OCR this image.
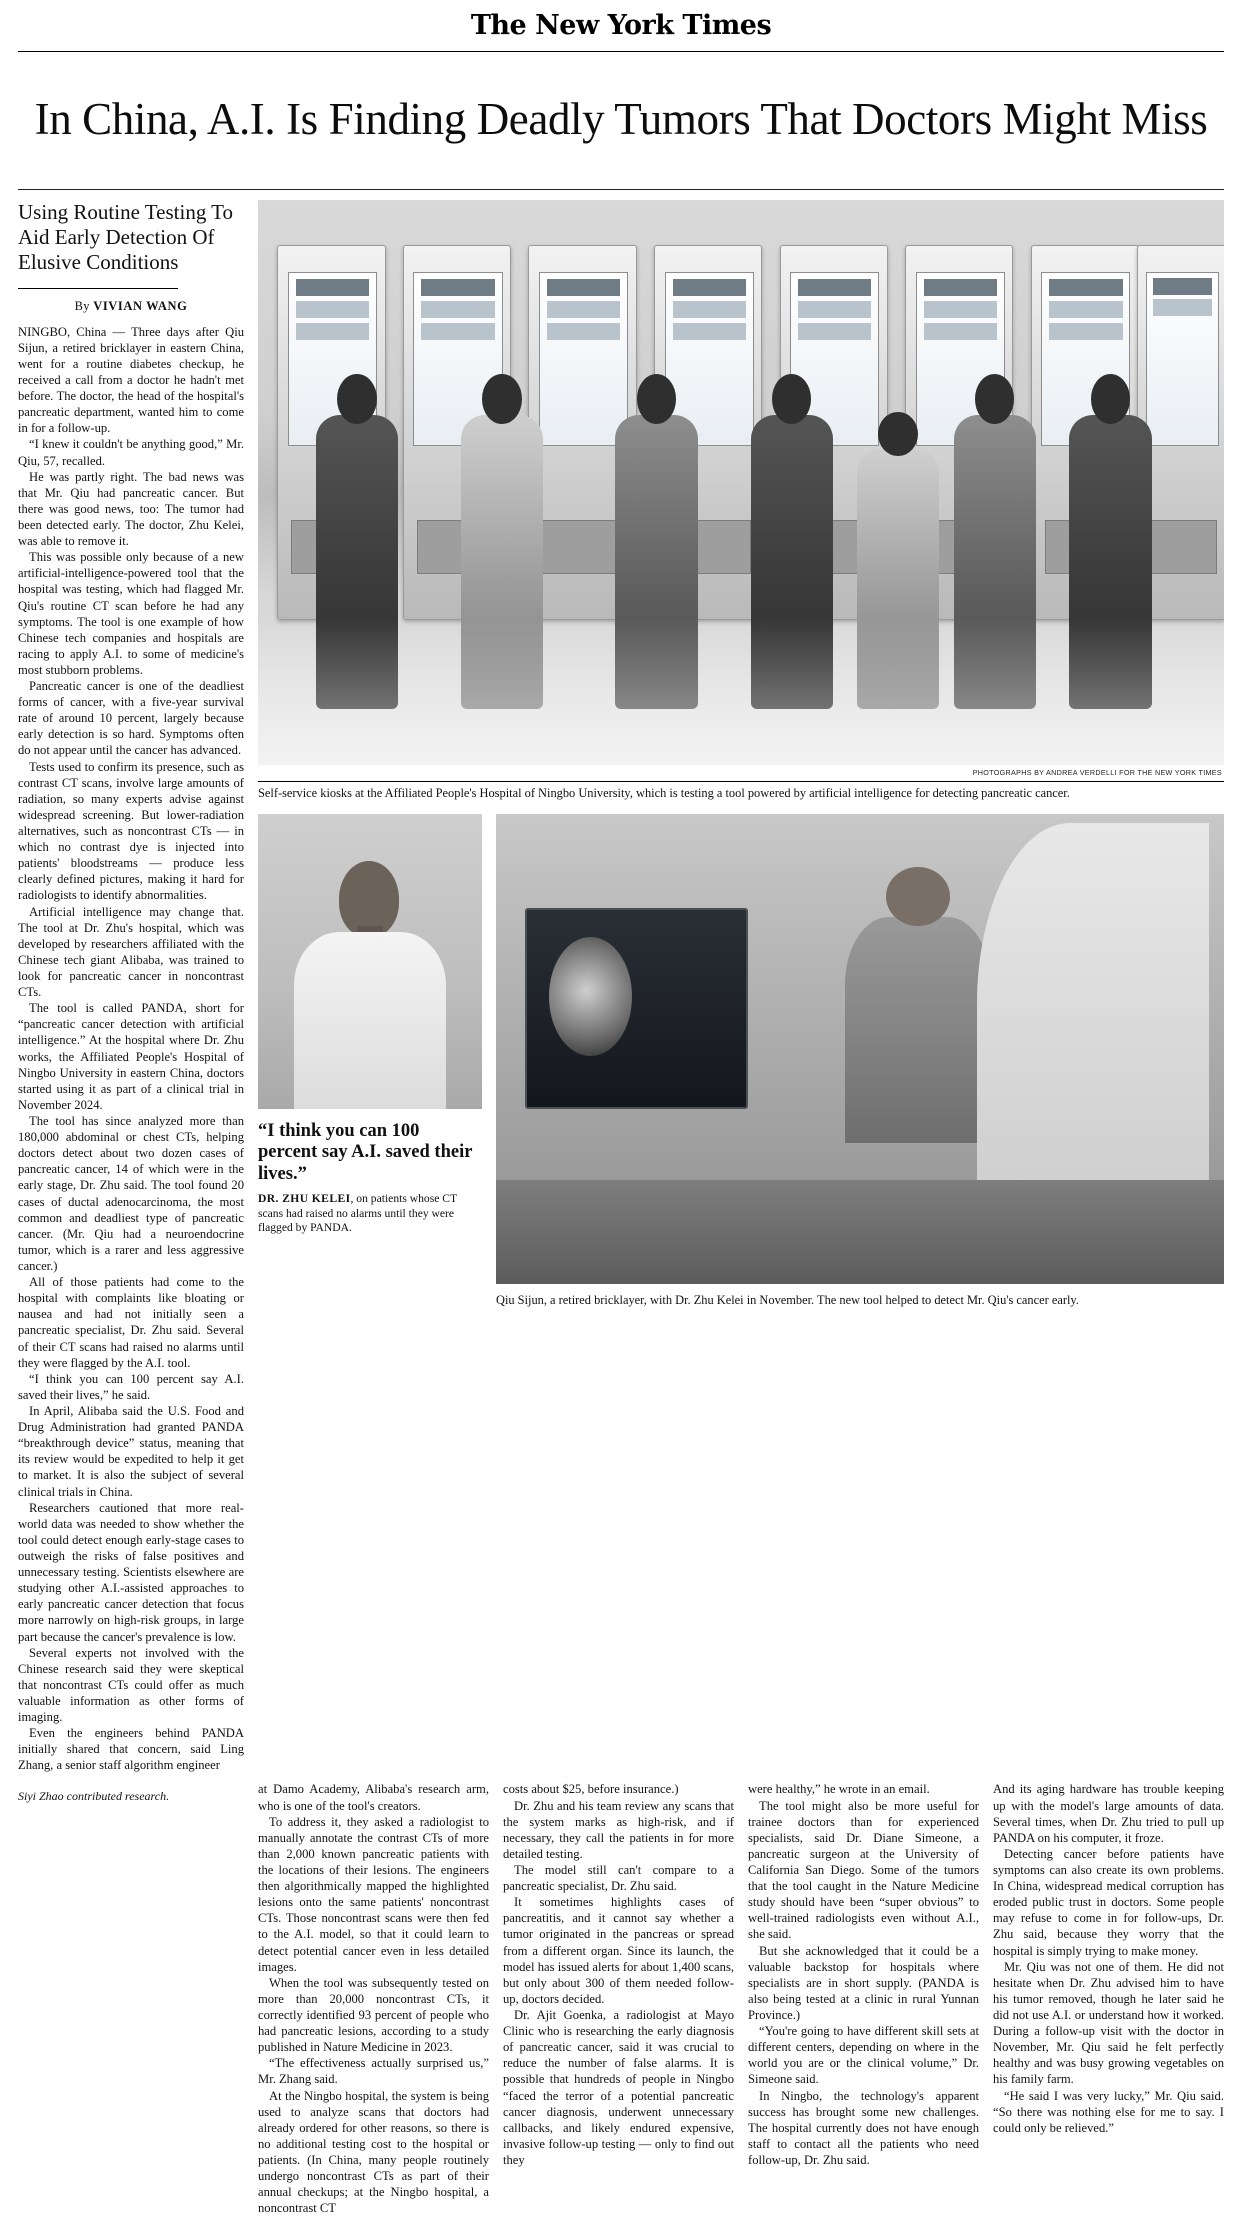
The New York Times
In China, A.I. Is Finding Deadly Tumors That Doctors Might Miss
Using Routine Testing To Aid Early Detection Of Elusive Conditions
By VIVIAN WANG

NINGBO, China — Three days after Qiu Sijun, a retired bricklayer in eastern China, went for a routine diabetes checkup, he received a call from a doctor he hadn't met before. The doctor, the head of the hospital's pancreatic department, wanted him to come in for a follow-up.

“I knew it couldn't be anything good,” Mr. Qiu, 57, recalled.

He was partly right. The bad news was that Mr. Qiu had pancreatic cancer. But there was good news, too: The tumor had been detected early. The doctor, Zhu Kelei, was able to remove it.

This was possible only because of a new artificial-intelligence-powered tool that the hospital was testing, which had flagged Mr. Qiu's routine CT scan before he had any symptoms. The tool is one example of how Chinese tech companies and hospitals are racing to apply A.I. to some of medicine's most stubborn problems.

Pancreatic cancer is one of the deadliest forms of cancer, with a five-year survival rate of around 10 percent, largely because early detection is so hard. Symptoms often do not appear until the cancer has advanced.

Tests used to confirm its presence, such as contrast CT scans, involve large amounts of radiation, so many experts advise against widespread screening. But lower-radiation alternatives, such as noncontrast CTs — in which no contrast dye is injected into patients' bloodstreams — produce less clearly defined pictures, making it hard for radiologists to identify abnormalities.

Artificial intelligence may change that. The tool at Dr. Zhu's hospital, which was developed by researchers affiliated with the Chinese tech giant Alibaba, was trained to look for pancreatic cancer in noncontrast CTs.

The tool is called PANDA, short for “pancreatic cancer detection with artificial intelligence.” At the hospital where Dr. Zhu works, the Affiliated People's Hospital of Ningbo University in eastern China, doctors started using it as part of a clinical trial in November 2024.

The tool has since analyzed more than 180,000 abdominal or chest CTs, helping doctors detect about two dozen cases of pancreatic cancer, 14 of which were in the early stage, Dr. Zhu said. The tool found 20 cases of ductal adenocarcinoma, the most common and deadliest type of pancreatic cancer. (Mr. Qiu had a neuroendocrine tumor, which is a rarer and less aggressive cancer.)

All of those patients had come to the hospital with complaints like bloating or nausea and had not initially seen a pancreatic specialist, Dr. Zhu said. Several of their CT scans had raised no alarms until they were flagged by the A.I. tool.

“I think you can 100 percent say A.I. saved their lives,” he said.

In April, Alibaba said the U.S. Food and Drug Administration had granted PANDA “breakthrough device” status, meaning that its review would be expedited to help it get to market. It is also the subject of several clinical trials in China.

Researchers cautioned that more real-world data was needed to show whether the tool could detect enough early-stage cases to outweigh the risks of false positives and unnecessary testing. Scientists elsewhere are studying other A.I.-assisted approaches to early pancreatic cancer detection that focus more narrowly on high-risk groups, in large part because the cancer's prevalence is low.

Several experts not involved with the Chinese research said they were skeptical that noncontrast CTs could offer as much valuable information as other forms of imaging.

Even the engineers behind PANDA initially shared that concern, said Ling Zhang, a senior staff algorithm engineer

PHOTOGRAPHS BY ANDREA VERDELLI FOR THE NEW YORK TIMES
Self-service kiosks at the Affiliated People's Hospital of Ningbo University, which is testing a tool powered by artificial intelligence for detecting pancreatic cancer.
“I think you can 100 percent say A.I. saved their lives.”
DR. ZHU KELEI, on patients whose CT scans had raised no alarms until they were flagged by PANDA.
Qiu Sijun, a retired bricklayer, with Dr. Zhu Kelei in November. The new tool helped to detect Mr. Qiu's cancer early.
Siyi Zhao contributed research.	at Damo Academy, Alibaba's research arm, who is one of the tool's creators.

To address it, they asked a radiologist to manually annotate the contrast CTs of more than 2,000 known pancreatic patients with the locations of their lesions. The engineers then algorithmically mapped the highlighted lesions onto the same patients' noncontrast CTs. Those noncontrast scans were then fed to the A.I. model, so that it could learn to detect potential cancer even in less detailed images.

When the tool was subsequently tested on more than 20,000 noncontrast CTs, it correctly identified 93 percent of people who had pancreatic lesions, according to a study published in Nature Medicine in 2023.

“The effectiveness actually surprised us,” Mr. Zhang said.

At the Ningbo hospital, the system is being used to analyze scans that doctors had already ordered for other reasons, so there is no additional testing cost to the hospital or patients. (In China, many people routinely undergo noncontrast CTs as part of their annual checkups; at the Ningbo hospital, a noncontrast CT

costs about $25, before insurance.)

Dr. Zhu and his team review any scans that the system marks as high-risk, and if necessary, they call the patients in for more detailed testing.

The model still can't compare to a pancreatic specialist, Dr. Zhu said.

It sometimes highlights cases of pancreatitis, and it cannot say whether a tumor originated in the pancreas or spread from a different organ. Since its launch, the model has issued alerts for about 1,400 scans, but only about 300 of them needed follow-up, doctors decided.

Dr. Ajit Goenka, a radiologist at Mayo Clinic who is researching the early diagnosis of pancreatic cancer, said it was crucial to reduce the number of false alarms. It is possible that hundreds of people in Ningbo “faced the terror of a potential pancreatic cancer diagnosis, underwent unnecessary callbacks, and likely endured expensive, invasive follow-up testing — only to find out they

were healthy,” he wrote in an email.

The tool might also be more useful for trainee doctors than for experienced specialists, said Dr. Diane Simeone, a pancreatic surgeon at the University of California San Diego. Some of the tumors that the tool caught in the Nature Medicine study should have been “super obvious” to well-trained radiologists even without A.I., she said.

But she acknowledged that it could be a valuable backstop for hospitals where specialists are in short supply. (PANDA is also being tested at a clinic in rural Yunnan Province.)

“You're going to have different skill sets at different centers, depending on where in the world you are or the clinical volume,” Dr. Simeone said.

In Ningbo, the technology's apparent success has brought some new challenges. The hospital currently does not have enough staff to contact all the patients who need follow-up, Dr. Zhu said.

And its aging hardware has trouble keeping up with the model's large amounts of data. Several times, when Dr. Zhu tried to pull up PANDA on his computer, it froze.

Detecting cancer before patients have symptoms can also create its own problems. In China, widespread medical corruption has eroded public trust in doctors. Some people may refuse to come in for follow-ups, Dr. Zhu said, because they worry that the hospital is simply trying to make money.

Mr. Qiu was not one of them. He did not hesitate when Dr. Zhu advised him to have his tumor removed, though he later said he did not use A.I. or understand how it worked. During a follow-up visit with the doctor in November, Mr. Qiu said he felt perfectly healthy and was busy growing vegetables on his family farm.

“He said I was very lucky,” Mr. Qiu said. “So there was nothing else for me to say. I could only be relieved.”
